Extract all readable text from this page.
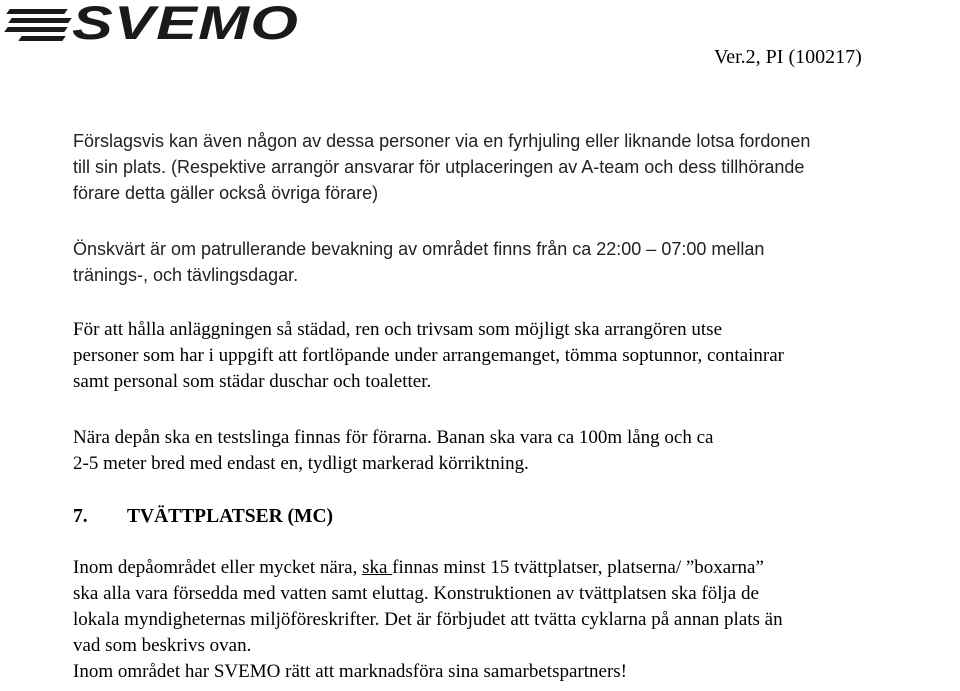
SVEMO
Ver.2, PI (100217)
Förslagsvis kan även någon av dessa personer via en fyrhjuling eller liknande lotsa fordonen
till sin plats. (Respektive arrangör ansvarar för utplaceringen av A-team och dess tillhörande
förare detta gäller också övriga förare)
Önskvärt är om patrullerande bevakning av området finns från ca 22:00 – 07:00 mellan
tränings-, och tävlingsdagar.
För att hålla anläggningen så städad, ren och trivsam som möjligt ska arrangören utse
personer som har i uppgift att fortlöpande under arrangemanget, tömma soptunnor, containrar
samt personal som städar duschar och toaletter.
Nära depån ska en testslinga finnas för förarna. Banan ska vara ca 100m lång och ca
2-5 meter bred med endast en, tydligt markerad körriktning.
7. TVÄTTPLATSER (MC)
Inom depåområdet eller mycket nära, ska finnas minst 15 tvättplatser, platserna/ ”boxarna”
ska alla vara försedda med vatten samt eluttag. Konstruktionen av tvättplatsen ska följa de
lokala myndigheternas miljöföreskrifter. Det är förbjudet att tvätta cyklarna på annan plats än
vad som beskrivs ovan.
Inom området har SVEMO rätt att marknadsföra sina samarbetspartners!
